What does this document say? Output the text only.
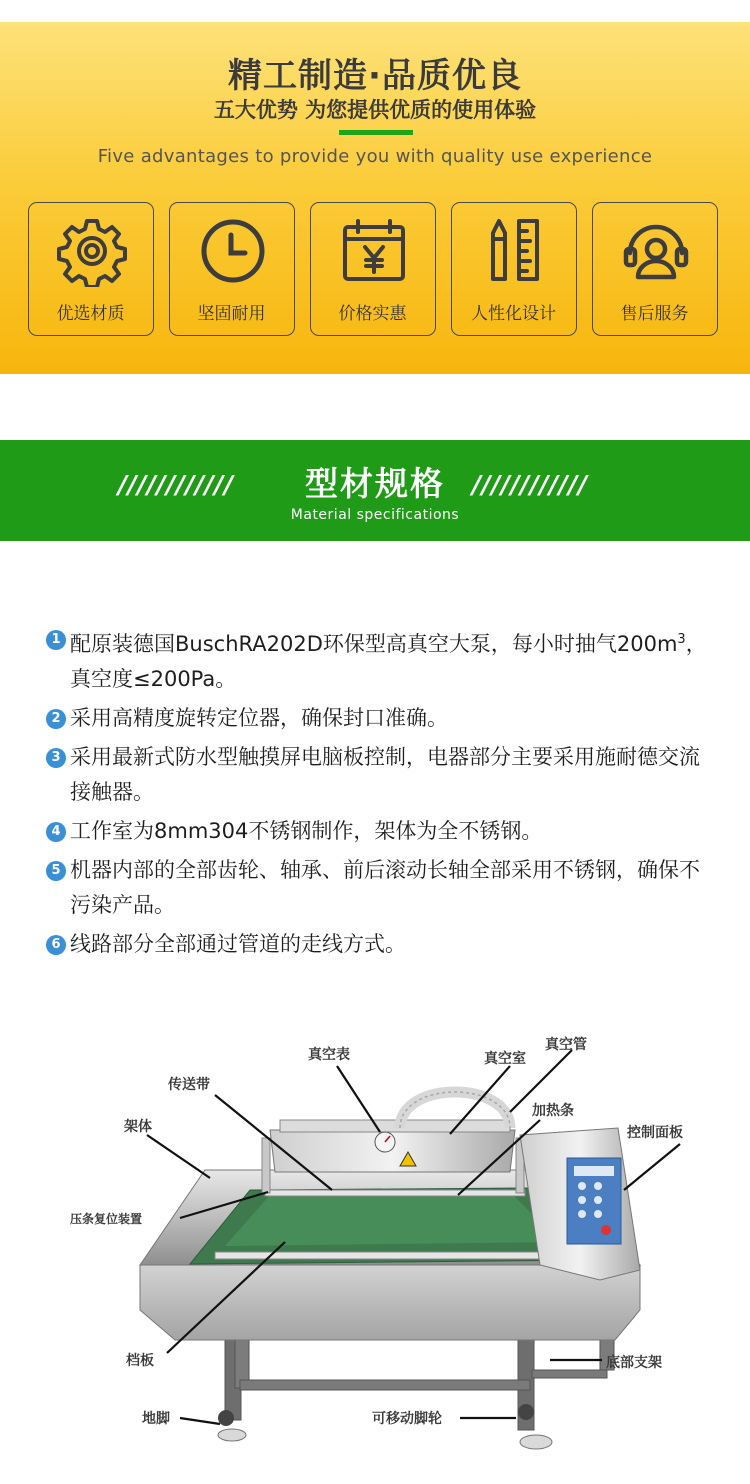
精工制造·品质优良
五大优势 为您提供优质的使用体验
Five advantages to provide you with quality use experience
优选材质	坚固耐用	价格实惠	人性化设计	售后服务
////////////	型材规格	////////////
Material specifications
1 配原装德国BuschRA202D环保型高真空大泵，每小时抽气$200m^3$，真空度≤200Pa。
2 采用高精度旋转定位器，确保封口准确。
3 采用最新式防水型触摸屏电脑板控制，电器部分主要采用施耐德交流接触器。
4 工作室为8mm304不锈钢制作，架体为全不锈钢。
5 机器内部的全部齿轮、轴承、前后滚动长轴全部采用不锈钢，确保不污染产品。
6 线路部分全部通过管道的走线方式。
真空表	真空室
真空管
传送带
加热条
架体	控制面板
压条复位装置
档板	底部支架
地脚	可移动脚轮
